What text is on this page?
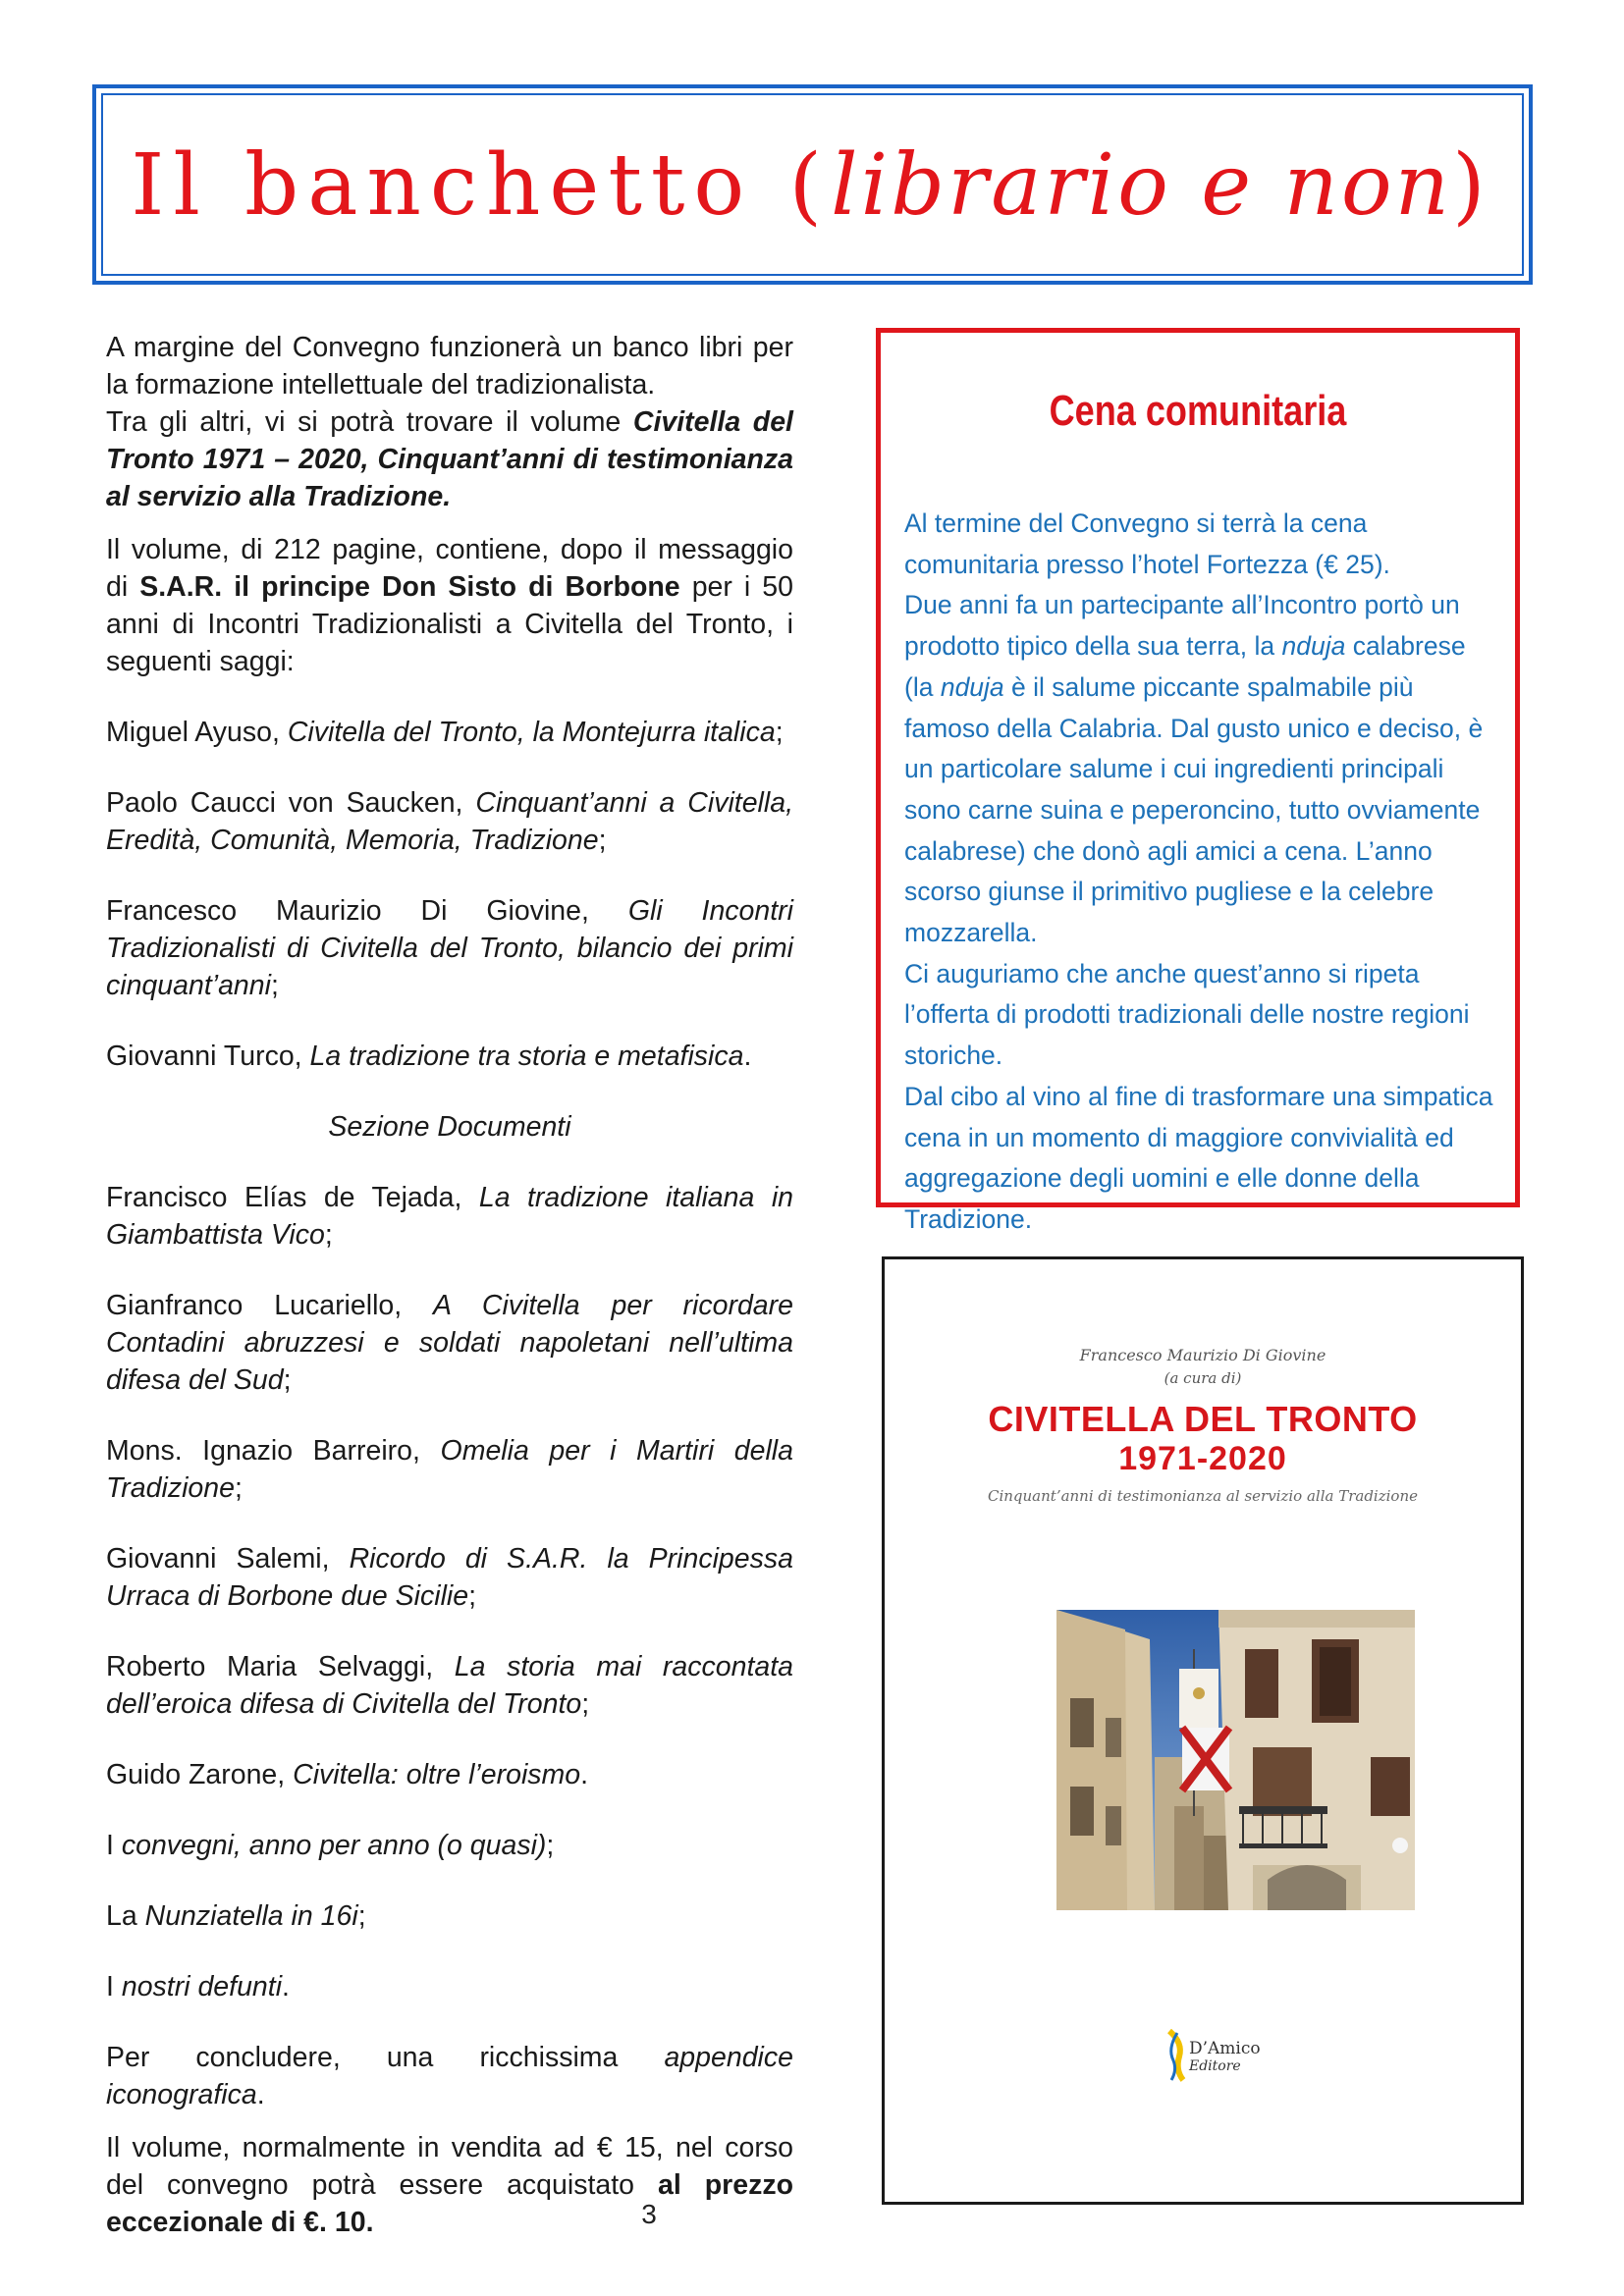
Il banchetto (librario e non)

A margine del Convegno funzionerà un banco libri per la formazione intellettuale del tradizionalista.
Tra gli altri, vi si potrà trovare il volume Civitella del Tronto 1971 – 2020, Cinquant’anni di testimonianza al servizio alla Tradizione.

Il volume, di 212 pagine, contiene, dopo il messaggio di S.A.R. il principe Don Sisto di Borbone per i 50 anni di Incontri Tradizionalisti a Civitella del Tronto, i seguenti saggi:

Miguel Ayuso, Civitella del Tronto, la Montejurra italica;

Paolo Caucci von Saucken, Cinquant’anni a Civitella, Eredità, Comunità, Memoria, Tradizione;

Francesco Maurizio Di Giovine, Gli Incontri Tradizionalisti di Civitella del Tronto, bilancio dei primi cinquant’anni;

Giovanni Turco, La tradizione tra storia e metafisica.

Sezione Documenti

Francisco Elías de Tejada, La tradizione italiana in Giambattista Vico;

Gianfranco Lucariello, A Civitella per ricordare Contadini abruzzesi e soldati napoletani nell’ultima difesa del Sud;

Mons. Ignazio Barreiro, Omelia per i Martiri della Tradizione;

Giovanni Salemi, Ricordo di S.A.R. la Principessa Urraca di Borbone due Sicilie;

Roberto Maria Selvaggi, La storia mai raccontata dell’eroica difesa di Civitella del Tronto;

Guido Zarone, Civitella: oltre l’eroismo.

I convegni, anno per anno (o quasi);

La Nunziatella in 16i;

I nostri defunti.

Per concludere, una ricchissima appendice iconografica.

Il volume, normalmente in vendita ad € 15, nel corso del convegno potrà essere acquistato al prezzo eccezionale di €. 10.

Cena comunitaria

Al termine del Convegno si terrà la cena comunitaria presso l’hotel Fortezza (€ 25).

Due anni fa un partecipante all’Incontro portò un prodotto tipico della sua terra, la nduja calabrese (la nduja è il salume piccante spalmabile più famoso della Calabria. Dal gusto unico e deciso, è un particolare salume i cui ingredienti principali sono carne suina e peperoncino, tutto ovviamente calabrese) che donò agli amici a cena. L’anno scorso giunse il primitivo pugliese e la celebre mozzarella.

Ci auguriamo che anche quest’anno si ripeta l’offerta di prodotti tradizionali delle nostre regioni storiche.

Dal cibo al vino al fine di trasformare una simpatica cena in un momento di maggiore convivialità ed aggregazione degli uomini e elle donne della Tradizione.

Francesco Maurizio Di Giovine
(a cura di)
CIVITELLA DEL TRONTO
1971-2020
Cinquant’anni di testimonianza al servizio alla Tradizione
D’Amico
Editore
3
